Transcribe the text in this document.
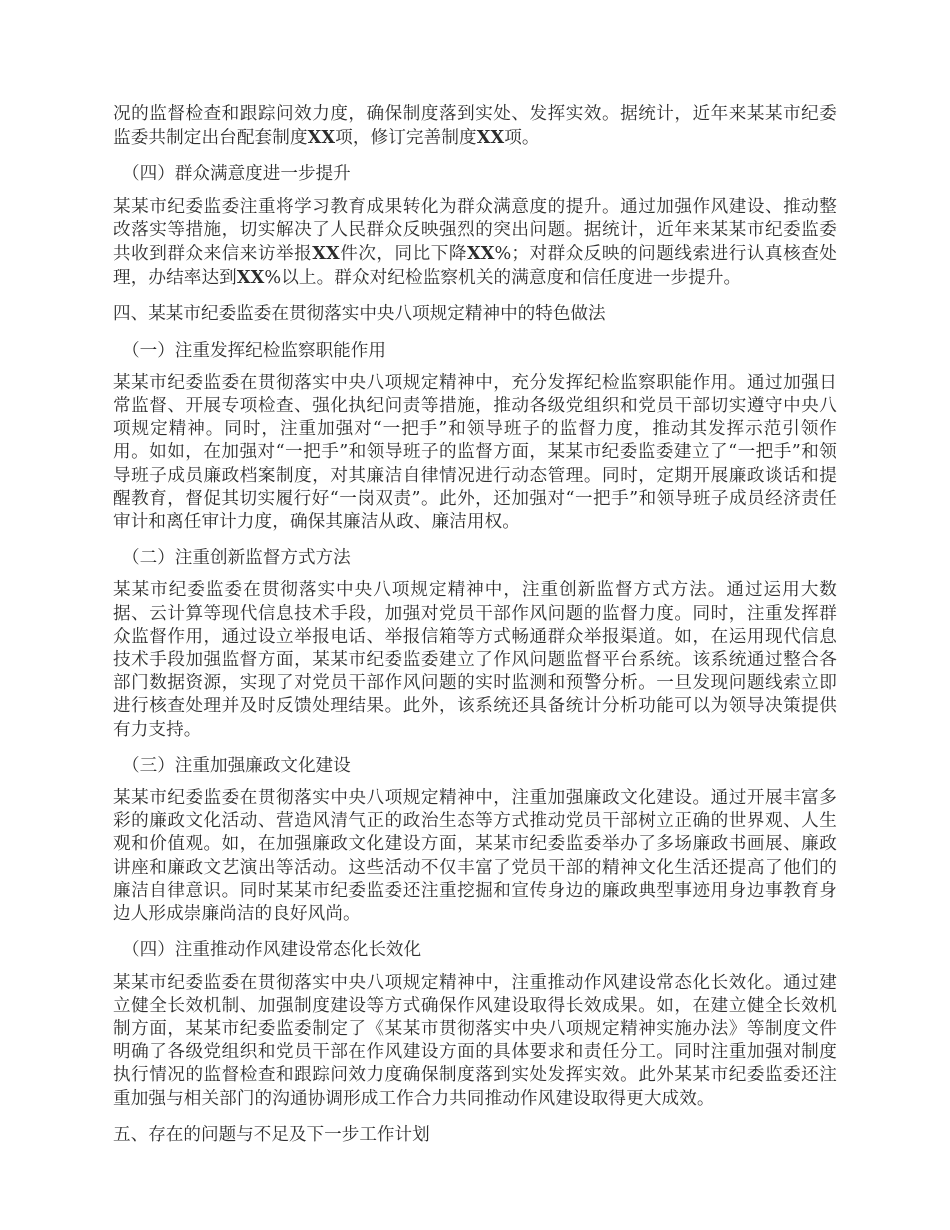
况的监督检查和跟踪问效力度，确保制度落到实处、发挥实效。据统计，近年来某某市纪委监委共制定出台配套制度XX项，修订完善制度XX项。

（四）群众满意度进一步提升

某某市纪委监委注重将学习教育成果转化为群众满意度的提升。通过加强作风建设、推动整改落实等措施，切实解决了人民群众反映强烈的突出问题。据统计，近年来某某市纪委监委共收到群众来信来访举报XX件次，同比下降XX%；对群众反映的问题线索进行认真核查处理，办结率达到XX%以上。群众对纪检监察机关的满意度和信任度进一步提升。

四、某某市纪委监委在贯彻落实中央八项规定精神中的特色做法

（一）注重发挥纪检监察职能作用

某某市纪委监委在贯彻落实中央八项规定精神中，充分发挥纪检监察职能作用。通过加强日常监督、开展专项检查、强化执纪问责等措施，推动各级党组织和党员干部切实遵守中央八项规定精神。同时，注重加强对“一把手”和领导班子的监督力度，推动其发挥示范引领作用。如如，在加强对“一把手”和领导班子的监督方面，某某市纪委监委建立了“一把手”和领导班子成员廉政档案制度，对其廉洁自律情况进行动态管理。同时，定期开展廉政谈话和提醒教育，督促其切实履行好“一岗双责”。此外，还加强对“一把手”和领导班子成员经济责任审计和离任审计力度，确保其廉洁从政、廉洁用权。

（二）注重创新监督方式方法

某某市纪委监委在贯彻落实中央八项规定精神中，注重创新监督方式方法。通过运用大数据、云计算等现代信息技术手段，加强对党员干部作风问题的监督力度。同时，注重发挥群众监督作用，通过设立举报电话、举报信箱等方式畅通群众举报渠道。如，在运用现代信息技术手段加强监督方面，某某市纪委监委建立了作风问题监督平台系统。该系统通过整合各部门数据资源，实现了对党员干部作风问题的实时监测和预警分析。一旦发现问题线索立即进行核查处理并及时反馈处理结果。此外，该系统还具备统计分析功能可以为领导决策提供有力支持。

（三）注重加强廉政文化建设

某某市纪委监委在贯彻落实中央八项规定精神中，注重加强廉政文化建设。通过开展丰富多彩的廉政文化活动、营造风清气正的政治生态等方式推动党员干部树立正确的世界观、人生观和价值观。如，在加强廉政文化建设方面，某某市纪委监委举办了多场廉政书画展、廉政讲座和廉政文艺演出等活动。这些活动不仅丰富了党员干部的精神文化生活还提高了他们的廉洁自律意识。同时某某市纪委监委还注重挖掘和宣传身边的廉政典型事迹用身边事教育身边人形成崇廉尚洁的良好风尚。

（四）注重推动作风建设常态化长效化

某某市纪委监委在贯彻落实中央八项规定精神中，注重推动作风建设常态化长效化。通过建立健全长效机制、加强制度建设等方式确保作风建设取得长效成果。如，在建立健全长效机制方面，某某市纪委监委制定了《某某市贯彻落实中央八项规定精神实施办法》等制度文件明确了各级党组织和党员干部在作风建设方面的具体要求和责任分工。同时注重加强对制度执行情况的监督检查和跟踪问效力度确保制度落到实处发挥实效。此外某某市纪委监委还注重加强与相关部门的沟通协调形成工作合力共同推动作风建设取得更大成效。

五、存在的问题与不足及下一步工作计划
